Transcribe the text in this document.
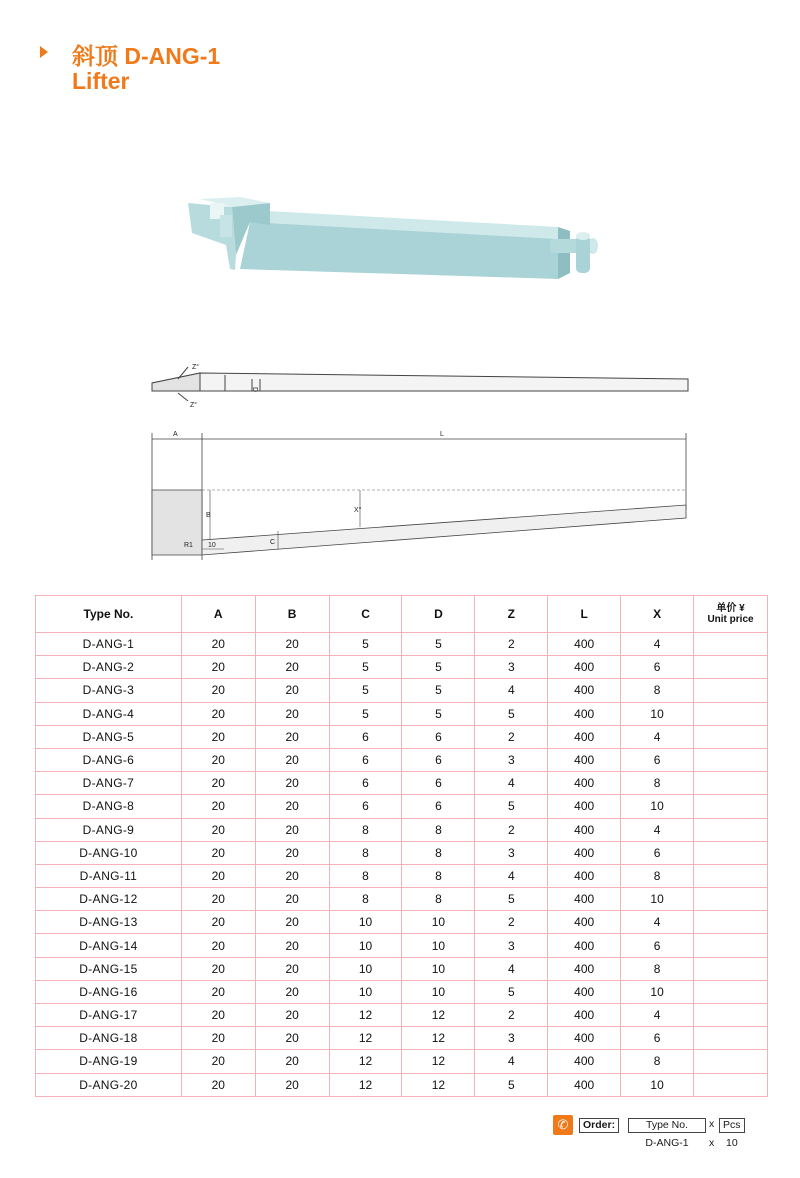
斜顶 D-ANG-1
Lifter
Z°
Z°
D
A	L
B
X°
C
R1 10
Type No.	A	B	C	D	Z	L	X	单价 ¥
Unit price

D-ANG-1	20	20	5	5	2	400	4	
D-ANG-2	20	20	5	5	3	400	6	
D-ANG-3	20	20	5	5	4	400	8	
D-ANG-4	20	20	5	5	5	400	10	
D-ANG-5	20	20	6	6	2	400	4	
D-ANG-6	20	20	6	6	3	400	6	
D-ANG-7	20	20	6	6	4	400	8	
D-ANG-8	20	20	6	6	5	400	10	
D-ANG-9	20	20	8	8	2	400	4	
D-ANG-10	20	20	8	8	3	400	6	
D-ANG-11	20	20	8	8	4	400	8	
D-ANG-12	20	20	8	8	5	400	10	
D-ANG-13	20	20	10	10	2	400	4	
D-ANG-14	20	20	10	10	3	400	6	
D-ANG-15	20	20	10	10	4	400	8	
D-ANG-16	20	20	10	10	5	400	10	
D-ANG-17	20	20	12	12	2	400	4	
D-ANG-18	20	20	12	12	3	400	6	
D-ANG-19	20	20	12	12	4	400	8	
D-ANG-20	20	20	12	12	5	400	10	
✆	Order:	Type No.	x Pcs
D-ANG-1	x 10
